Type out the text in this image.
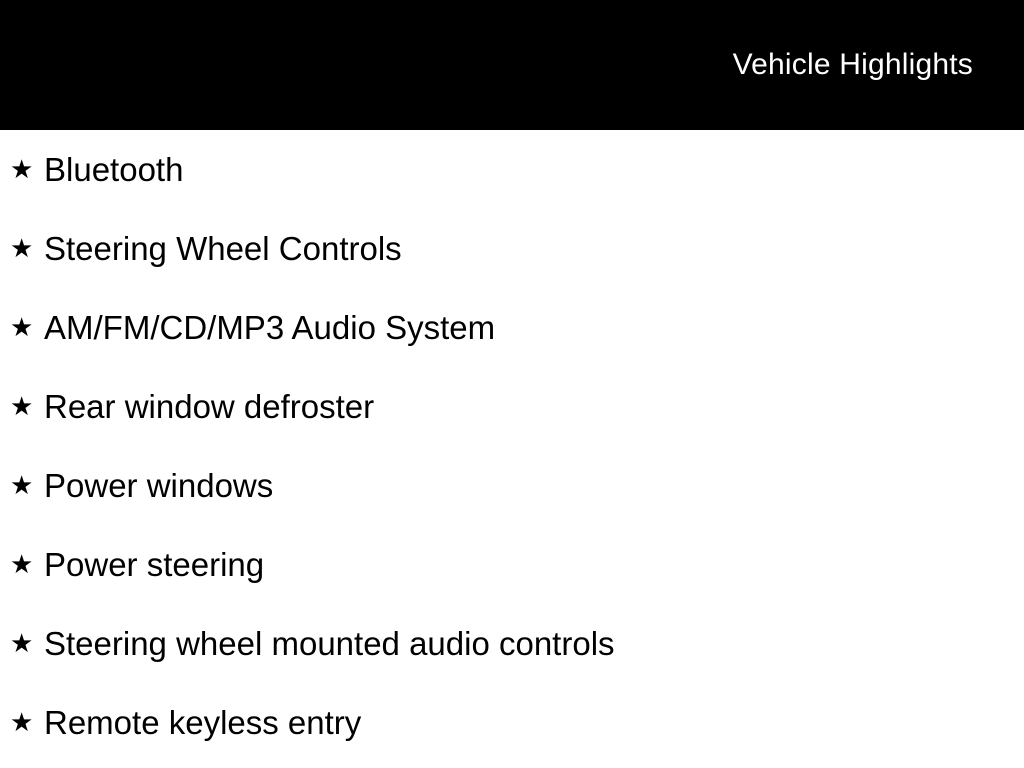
Vehicle Highlights
★ Bluetooth
★ Steering Wheel Controls
★ AM/FM/CD/MP3 Audio System
★ Rear window defroster
★ Power windows
★ Power steering
★ Steering wheel mounted audio controls
★ Remote keyless entry
